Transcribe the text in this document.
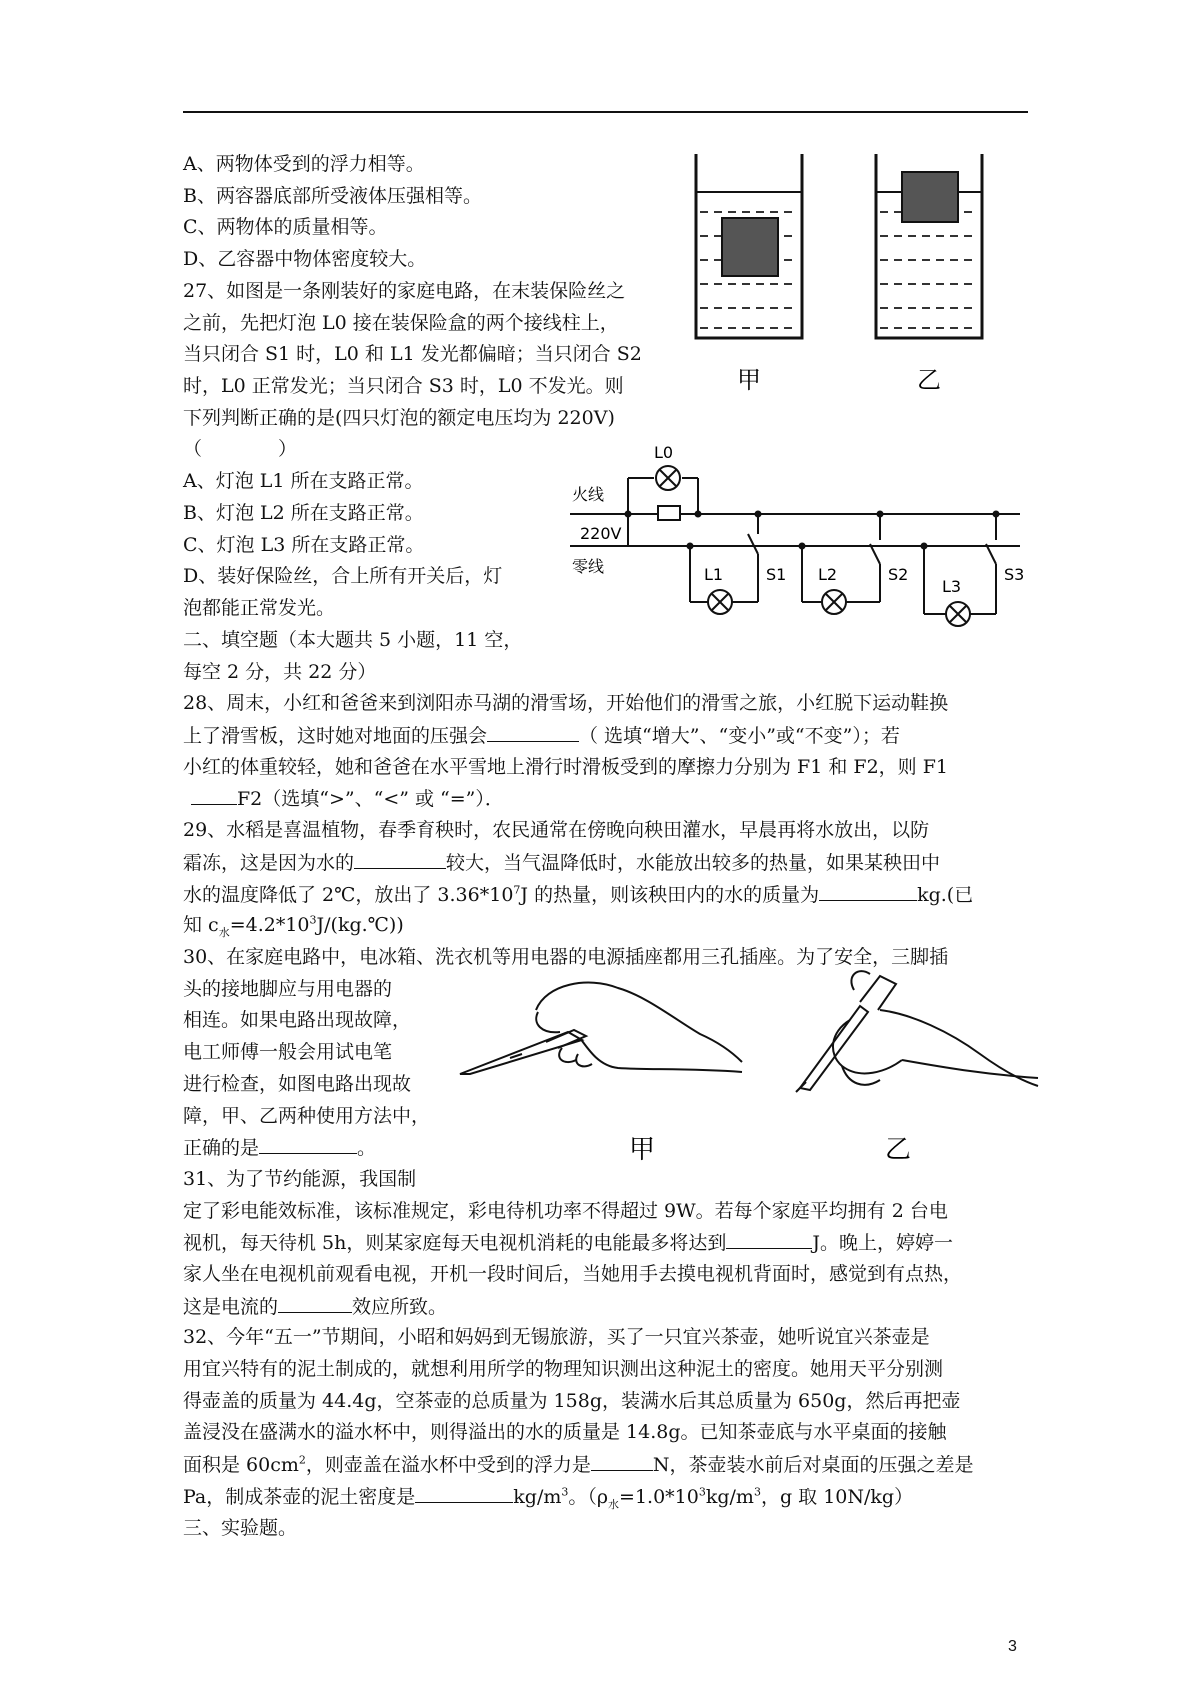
A、两物体受到的浮力相等。
B、两容器底部所受液体压强相等。
C、两物体的质量相等。
D、乙容器中物体密度较大。
27、如图是一条刚装好的家庭电路，在末装保险丝之
之前，先把灯泡 L0 接在装保险盒的两个接线柱上，
当只闭合 S1 时，L0 和 L1 发光都偏暗；当只闭合 S2
时，L0 正常发光；当只闭合 S3 时，L0 不发光。则
下列判断正确的是(四只灯泡的额定电压均为 220V)
（　　　　）
A、灯泡 L1 所在支路正常。
B、灯泡 L2 所在支路正常。
C、灯泡 L3 所在支路正常。
D、装好保险丝，合上所有开关后，灯
泡都能正常发光。
二、填空题（本大题共 5 小题，11 空，
每空 2 分，共 22 分）
28、周末，小红和爸爸来到浏阳赤马湖的滑雪场，开始他们的滑雪之旅，小红脱下运动鞋换
上了滑雪板，这时她对地面的压强会	（ 选填“增大”、“变小”或“不变”）；若
小红的体重较轻，她和爸爸在水平雪地上滑行时滑板受到的摩擦力分别为 F1 和 F2，则 F1
F2（选填“>”、“<” 或 “=”）．
29、水稻是喜温植物，春季育秧时，农民通常在傍晚向秧田灌水，早晨再将水放出，以防
霜冻，这是因为水的	较大，当气温降低时，水能放出较多的热量，如果某秧田中
水的温度降低了 2℃，放出了 $3.36*10^7J$ 的热量，则该秧田内的水的质量为	kg.(已
知 $c_水=4.2*10^3J/(kg.℃)$)
30、在家庭电路中，电冰箱、洗衣机等用电器的电源插座都用三孔插座。为了安全，三脚插
头的接地脚应与用电器的
相连。如果电路出现故障，
电工师傅一般会用试电笔
进行检查，如图电路出现故
障，甲、乙两种使用方法中，
正确的是	。
31、为了节约能源，我国制
定了彩电能效标准，该标准规定，彩电待机功率不得超过 9W。若每个家庭平均拥有 2 台电
视机，每天待机 5h，则某家庭每天电视机消耗的电能最多将达到	J。晚上，婷婷一
家人坐在电视机前观看电视，开机一段时间后，当她用手去摸电视机背面时，感觉到有点热，
这是电流的	效应所致。
32、今年“五一”节期间，小昭和妈妈到无锡旅游，买了一只宜兴茶壶，她听说宜兴茶壶是
用宜兴特有的泥土制成的，就想利用所学的物理知识测出这种泥土的密度。她用天平分别测
得壶盖的质量为 44.4g，空茶壶的总质量为 158g，装满水后其总质量为 650g，然后再把壶
盖浸没在盛满水的溢水杯中，则得溢出的水的质量是 14.8g。已知茶壶底与水平桌面的接触
面积是 $60cm^2$，则壶盖在溢水杯中受到的浮力是	N，茶壶装水前后对桌面的压强之差是
Pa，制成茶壶的泥土密度是	$kg/m^3$。（$\rho_水=1.0*10^3kg/m^3$，g 取 10N/kg）
三、实验题。
3
甲	乙
火线
零线
220V
L0
L1	S1 L2	S2
L3
S3
甲	乙
